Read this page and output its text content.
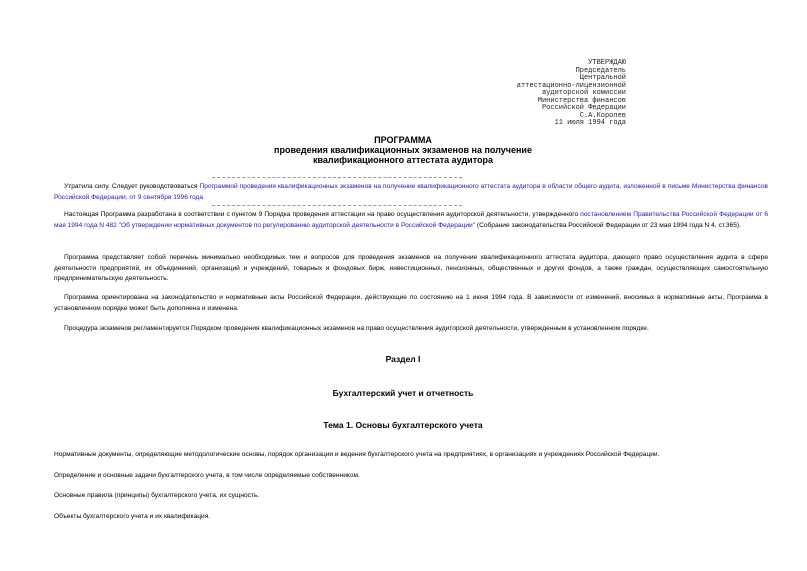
УТВЕРЖДАЮ
Председатель
Центральной
аттестационно-лицензионной
аудиторской комиссии
Министерства финансов
Российской Федерации
С.А.Королев
11 июля 1994 года
ПРОГРАММА
проведения квалификационных экзаменов на получение
квалификационного аттестата аудитора
Утратила силу. Следует руководствоваться Программой проведения квалификационных экзаменов на получение квалификационного аттестата аудитора в области общего аудита, изложенной в письме Министерства финансов Российской Федерации, от 9 сентября 1996 года
Настоящая Программа разработана в соответствии с пунктом 9 Порядка проведения аттестации на право осуществления аудиторской деятельности, утвержденного постановлением Правительства Российской Федерации от 6 мая 1994 года N 482 "Об утверждении нормативных документов по регулированию аудиторской деятельности в Российской Федерации" (Собрание законодательства Российской Федерации от 23 мая 1994 года N 4, ст.365).
Программа представляет собой перечень минимально необходимых тем и вопросов для проведения экзаменов на получение квалификационного аттестата аудитора, дающего право осуществления аудита в сфере деятельности предприятий, их объединений, организаций и учреждений, товарных и фондовых бирж, инвестиционных, пенсионных, общественных и других фондов, а также граждан, осуществляющих самостоятельную предпринимательскую деятельность.
Программа ориентирована на законодательство и нормативные акты Российской Федерации, действующие по состоянию на 1 июня 1994 года. В зависимости от изменений, вносимых в нормативные акты, Программа в установленном порядке может быть дополнена и изменена.
Процедура экзаменов регламентируется Порядком проведения квалификационных экзаменов на право осуществления аудиторской деятельности, утвержденным в установленном порядке.
Раздел I
Бухгалтерский учет и отчетность
Тема 1. Основы бухгалтерского учета
Нормативные документы, определяющие методологические основы, порядок организации и ведения бухгалтерского учета на предприятиях, в организациях и учреждениях Российской Федерации.
Определение и основные задачи бухгалтерского учета, в том числе определяемые собственником.
Основные правила (принципы) бухгалтерского учета, их сущность.
Объекты бухгалтерского учета и их квалификация.
